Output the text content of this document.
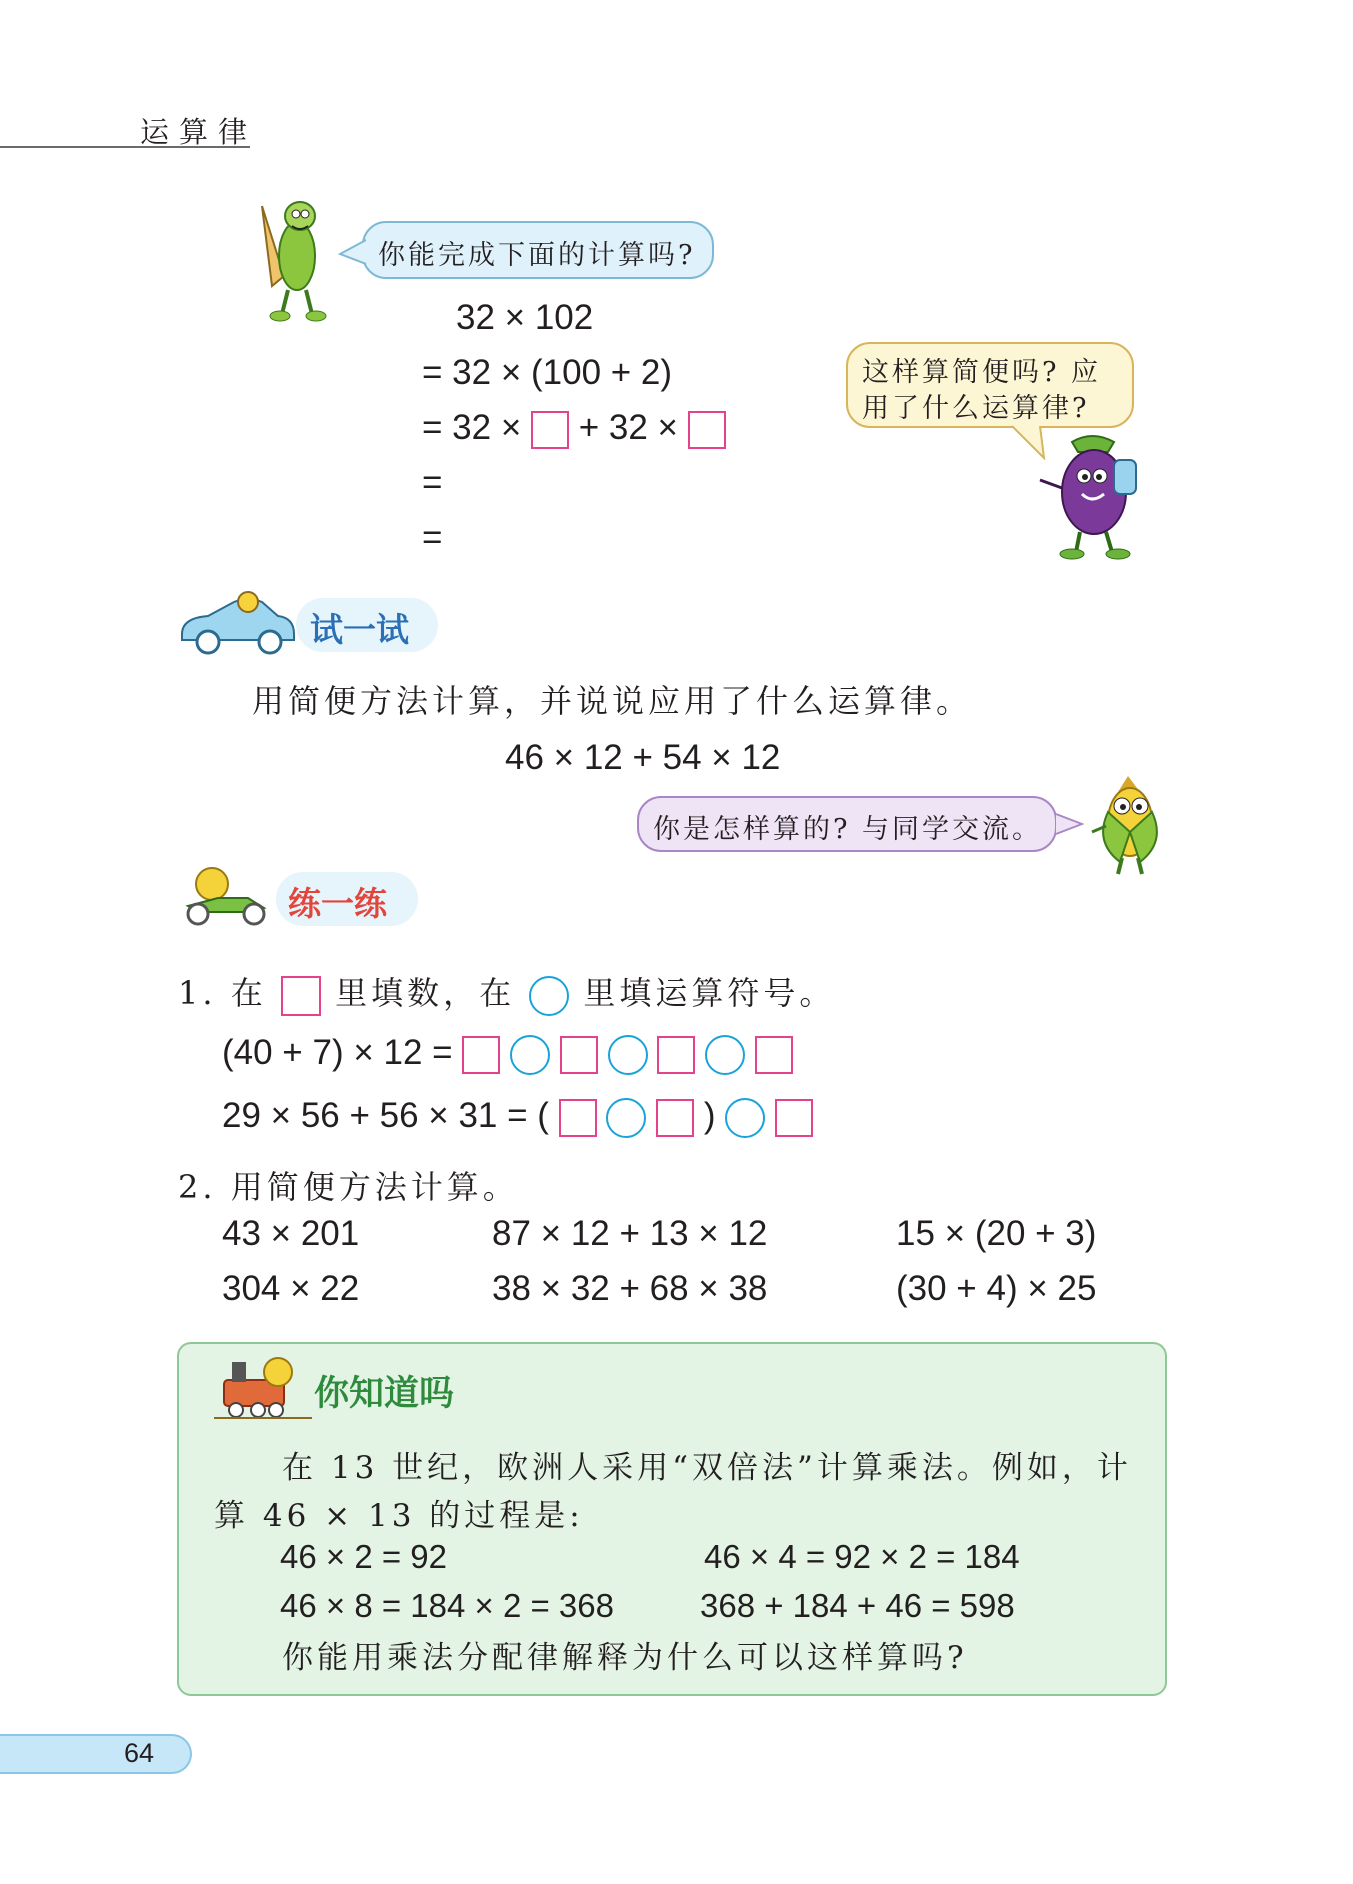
运算律
你能完成下面的计算吗?
32 × 102
= 32 × (100 + 2)
= 32 × + 32 ×
=
=
这样算简便吗? 应
用了什么运算律?
试一试
用简便方法计算，并说说应用了什么运算律。
46 × 12 + 54 × 12
你是怎样算的? 与同学交流。
练一练
1. 在 里填数，在 里填运算符号。
(40 + 7) × 12 =
29 × 56 + 56 × 31 = (	)
2. 用简便方法计算。
43 × 201	87 × 12 + 13 × 12	15 × (20 + 3)
304 × 22	38 × 32 + 68 × 38	(30 + 4) × 25
你知道吗
在 13 世纪，欧洲人采用“双倍法”计算乘法。例如，计
算 46 × 13 的过程是:
46 × 2 = 92	46 × 4 = 92 × 2 = 184
46 × 8 = 184 × 2 = 368	368 + 184 + 46 = 598
你能用乘法分配律解释为什么可以这样算吗?
64
